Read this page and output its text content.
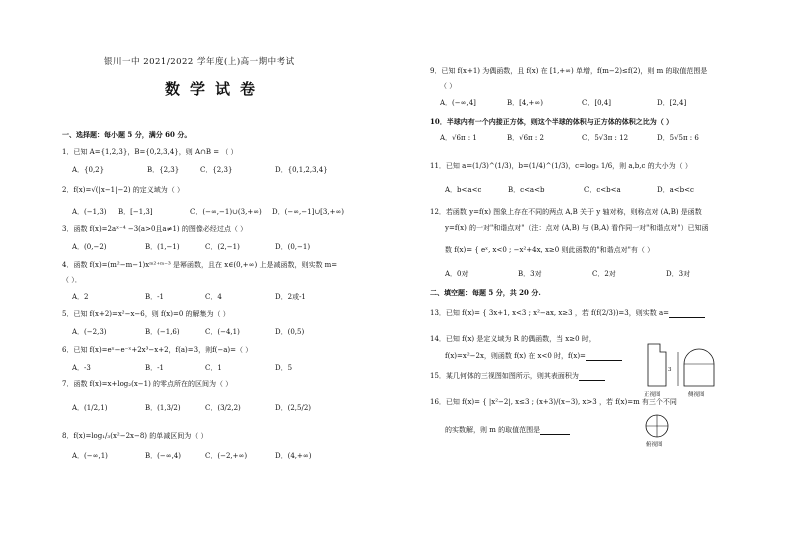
银川一中 2021/2022 学年度(上)高一期中考试
数学试卷
一、选择题：每小题 5 分，满分 60 分。
1．已知 A={1,2,3}，B={0,2,3,4}，则 A∩B = （ ）
A．{0,2}	B．{2,3}	C．{2,3}	D．{0,1,2,3,4}
2．f(x)=√(|x−1|−2) 的定义域为（ ）
A．(−1,3) B．[−1,3]	C．(−∞,−1)∪(3,+∞) D．(−∞,−1]∪[3,+∞)
3．函数 f(x)=2aˣ⁻⁴ −3(a>0且a≠1) 的图像必经过点（ ）
A．(0,−2)	B．(1,−1)	C．(2,−1)	D．(0,−1)
4．函数 f(x)=(m²−m−1)xᵐ²⁺ᵐ⁻³ 是幂函数，且在 x∈(0,+∞) 上是减函数，则实数 m=
（ ）．
A．2	B．-1	C．4	D．2或-1
5．已知 f(x+2)=x²−x−6，则 f(x)=0 的解集为（ ）
A．(−2,3)	B．(−1,6)	C．(−4,1)	D．(0,5)
6．已知 f(x)=eˣ−e⁻ˣ+2x³−x+2，f(a)=3，则f(−a)=（ ）
A．-3	B．-1	C．1	D．5
7．函数 f(x)=x+log₂(x−1) 的零点所在的区间为（ ）
A．(1/2,1)	B．(1,3/2)	C．(3/2,2)	D．(2,5/2)
8．f(x)=log₁/₃(x²−2x−8) 的单减区间为（ ）
A．(−∞,1)	B．(−∞,4)	C．(−2,+∞)	D．(4,+∞)
9．已知 f(x+1) 为偶函数，且 f(x) 在 [1,+∞) 单增，f(m−2)≤f(2)，则 m 的取值范围是
（ ）
A．(−∞,4]	B．[4,+∞)	C．[0,4]	D．[2,4]
10．半球内有一个内接正方体，则这个半球的体积与正方体的体积之比为（ ）
A．√6π : 1	B．√6π : 2	C．5√3π : 12	D．5√5π : 6
11．已知 a=(1/3)^(1/3)，b=(1/4)^(1/3)，c=log₃ 1/6，则 a,b,c 的大小为（ ）
A．b<a<c	B．c<a<b	C．c<b<a	D．a<b<c
12．若函数 y=f(x) 图象上存在不同的两点 A,B 关于 y 轴对称，则称点对 (A,B) 是函数
y=f(x) 的一对"和谐点对"（注：点对 (A,B) 与 (B,A) 看作同一对"和谐点对"）已知函
数 f(x)= { eˣ, x<0 ; −x²+4x, x≥0 则此函数的"和谐点对"有（ ）
A．0对	B．3对	C．2对	D．3对
二、填空题：每题 5 分，共 20 分.
13．已知 f(x)= { 3x+1, x<3 ; x²−ax, x≥3 ，若 f(f(2/3))=3，则实数 a=
14．已知 f(x) 是定义域为 R 的偶函数，当 x≥0 时，
f(x)=x²−2x，则函数 f(x) 在 x<0 时，f(x)=
15．某几何体的三视图如图所示，则其表面积为
16．已知 f(x)= { |x²−2|, x≤3 ; (x+3)/(x−3), x>3 ，若 f(x)=m 有三个不同
的实数解，则 m 的取值范围是
3
正视图	侧视图
俯视图
